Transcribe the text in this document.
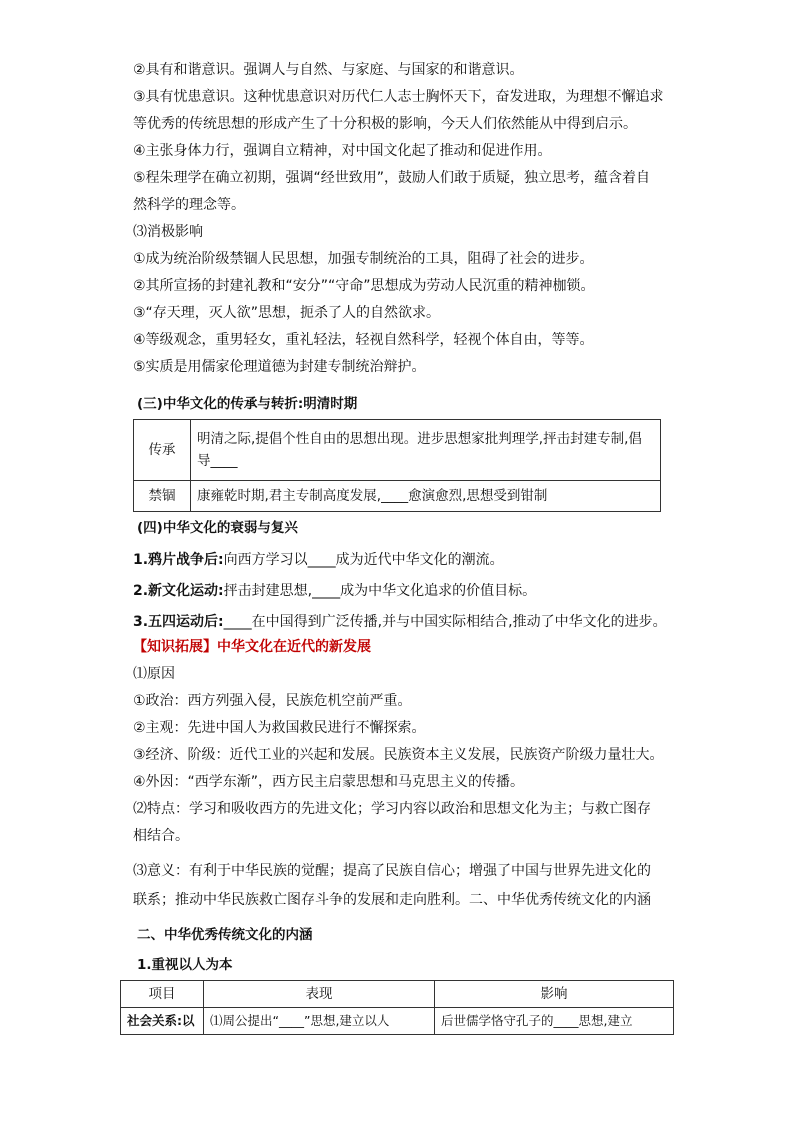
②具有和谐意识。强调人与自然、与家庭、与国家的和谐意识。
③具有忧患意识。这种忧患意识对历代仁人志士胸怀天下，奋发进取，为理想不懈追求
等优秀的传统思想的形成产生了十分积极的影响，今天人们依然能从中得到启示。
④主张身体力行，强调自立精神，对中国文化起了推动和促进作用。
⑤程朱理学在确立初期，强调“经世致用”，鼓励人们敢于质疑，独立思考，蕴含着自
然科学的理念等。
⑶消极影响
①成为统治阶级禁锢人民思想，加强专制统治的工具，阻碍了社会的进步。
②其所宣扬的封建礼教和“安分”“守命”思想成为劳动人民沉重的精神枷锁。
③“存天理，灭人欲”思想，扼杀了人的自然欲求。
④等级观念，重男轻女，重礼轻法，轻视自然科学，轻视个体自由，等等。
⑤实质是用儒家伦理道德为封建专制统治辩护。
(三)中华文化的传承与转折:明清时期
传承	明清之际,提倡个性自由的思想出现。进步思想家批判理学,抨击封建专制,倡
导____

禁锢	康雍乾时期,君主专制高度发展,____愈演愈烈,思想受到钳制
(四)中华文化的衰弱与复兴
1.鸦片战争后:向西方学习以____成为近代中华文化的潮流。
2.新文化运动:抨击封建思想,____成为中华文化追求的价值目标。
3.五四运动后:____在中国得到广泛传播,并与中国实际相结合,推动了中华文化的进步。
【知识拓展】中华文化在近代的新发展
⑴原因
①政治：西方列强入侵，民族危机空前严重。
②主观：先进中国人为救国救民进行不懈探索。
③经济、阶级：近代工业的兴起和发展。民族资本主义发展，民族资产阶级力量壮大。
④外因：“西学东渐”，西方民主启蒙思想和马克思主义的传播。
⑵特点：学习和吸收西方的先进文化；学习内容以政治和思想文化为主；与救亡图存
相结合。
⑶意义：有利于中华民族的觉醒；提高了民族自信心；增强了中国与世界先进文化的
联系；推动中华民族救亡图存斗争的发展和走向胜利。二、中华优秀传统文化的内涵
二、中华优秀传统文化的内涵
1.重视以人为本
项目	表现	影响
社会关系:以	⑴周公提出“____”思想,建立以人	后世儒学恪守孔子的____思想,建立
